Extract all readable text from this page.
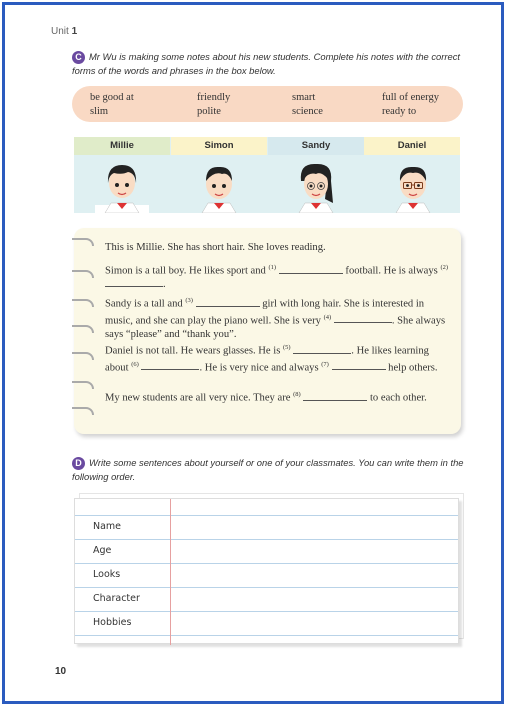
Unit 1
C Mr Wu is making some notes about his new students. Complete his notes with the correct forms of the words and phrases in the box below.
be good at	friendly	smart	full of energy
slim	polite	science	ready to
Millie	Simon	Sandy	Daniel
This is Millie. She has short hair. She loves reading.
Simon is a tall boy. He likes sport and $^{(1)}$	football. He is always $^{(2)}$ .
Sandy is a tall and $^{(3)}$	girl with long hair. She is interested in music, and she can play the piano well. She is very $^{(4)}$	. She always says “please” and “thank you”.
Daniel is not tall. He wears glasses. He is $^{(5)}$	. He likes learning about $^{(6)}$	. He is very nice and always $^{(7)}$	help others.
My new students are all very nice. They are $^{(8)}$	to each other.
D Write some sentences about yourself or one of your classmates. You can write them in the following order.
Name
Age
Looks
Character
Hobbies
10
